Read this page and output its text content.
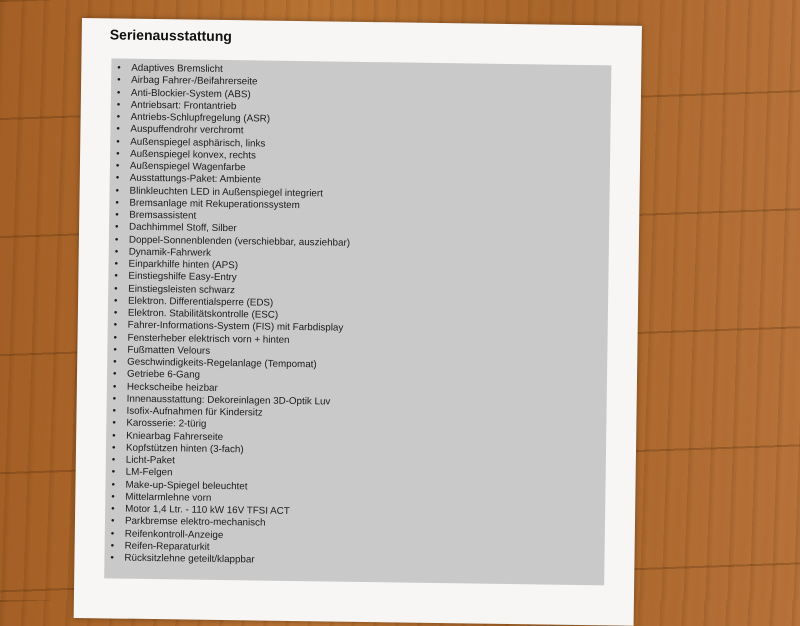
Serienausstattung
• Adaptives Bremslicht
• Airbag Fahrer-/Beifahrerseite
• Anti-Blockier-System (ABS)
• Antriebsart: Frontantrieb
• Antriebs-Schlupfregelung (ASR)
• Auspuffendrohr verchromt
• Außenspiegel asphärisch, links
• Außenspiegel konvex, rechts
• Außenspiegel Wagenfarbe
• Ausstattungs-Paket: Ambiente
• Blinkleuchten LED in Außenspiegel integriert
• Bremsanlage mit Rekuperationssystem
• Bremsassistent
• Dachhimmel Stoff, Silber
• Doppel-Sonnenblenden (verschiebbar, ausziehbar)
• Dynamik-Fahrwerk
• Einparkhilfe hinten (APS)
• Einstiegshilfe Easy-Entry
• Einstiegsleisten schwarz
• Elektron. Differentialsperre (EDS)
• Elektron. Stabilitätskontrolle (ESC)
• Fahrer-Informations-System (FIS) mit Farbdisplay
• Fensterheber elektrisch vorn + hinten
• Fußmatten Velours
• Geschwindigkeits-Regelanlage (Tempomat)
• Getriebe 6-Gang
• Heckscheibe heizbar
• Innenausstattung: Dekoreinlagen 3D-Optik Luv
• Isofix-Aufnahmen für Kindersitz
• Karosserie: 2-türig
• Kniearbag Fahrerseite
• Kopfstützen hinten (3-fach)
• Licht-Paket
• LM-Felgen
• Make-up-Spiegel beleuchtet
• Mittelarmlehne vorn
• Motor 1,4 Ltr. - 110 kW 16V TFSI ACT
• Parkbremse elektro-mechanisch
• Reifenkontroll-Anzeige
• Reifen-Reparaturkit
• Rücksitzlehne geteilt/klappbar
